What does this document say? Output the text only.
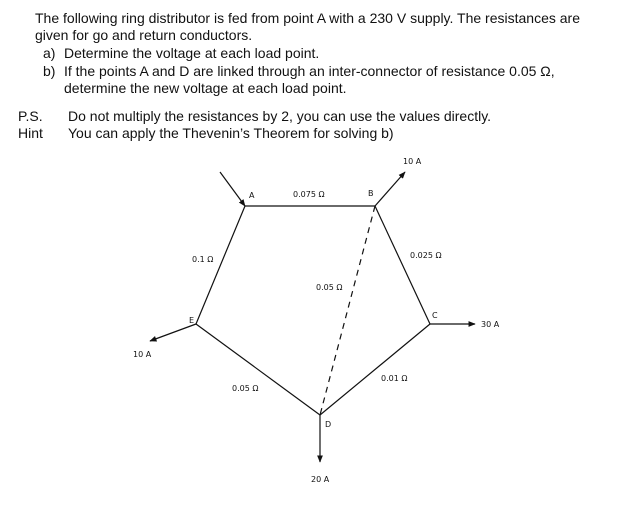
The following ring distributor is fed from point A with a 230 V supply. The resistances are
given for go and return conductors.
a) Determine the voltage at each load point.
b) If the points A and D are linked through an inter-connector of resistance 0.05 Ω,
determine the new voltage at each load point.
P.S. Do not multiply the resistances by 2, you can use the values directly.
Hint You can apply the Thevenin’s Theorem for solving b)
A	B
C
D
E
0.075 Ω
0.025 Ω
0.01 Ω
0.05 Ω
0.1 Ω
0.05 Ω
10 A
30 A
20 A
10 A
